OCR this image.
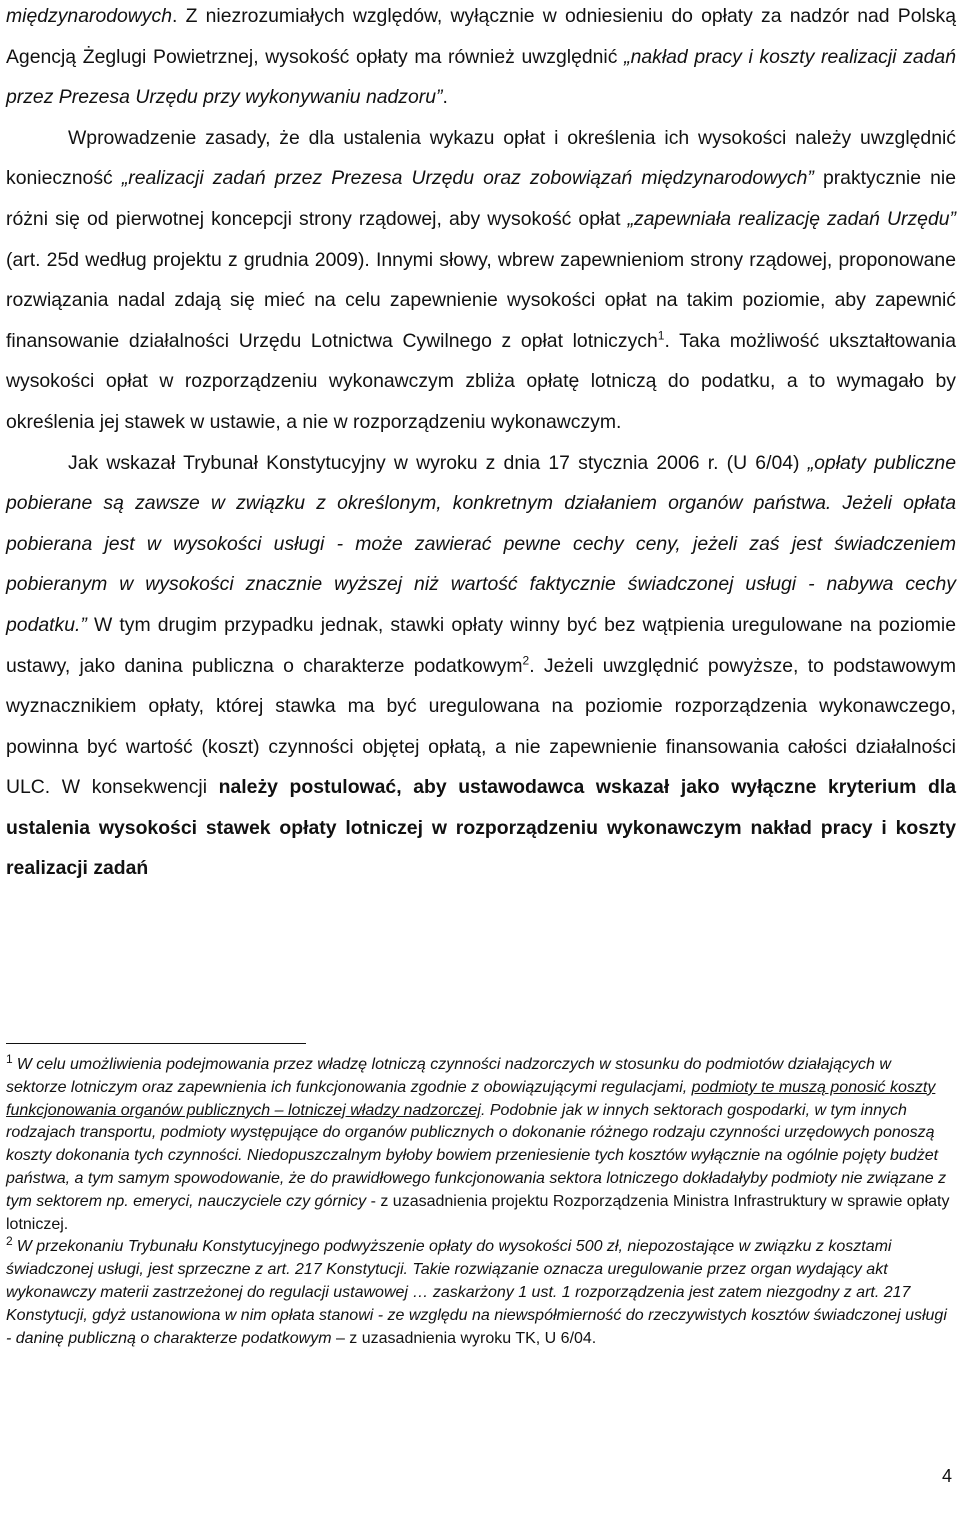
międzynarodowych. Z niezrozumiałych względów, wyłącznie w odniesieniu do opłaty za nadzór nad Polską Agencją Żeglugi Powietrznej, wysokość opłaty ma również uwzględnić „nakład pracy i koszty realizacji zadań przez Prezesa Urzędu przy wykonywaniu nadzoru”.

Wprowadzenie zasady, że dla ustalenia wykazu opłat i określenia ich wysokości należy uwzględnić konieczność „realizacji zadań przez Prezesa Urzędu oraz zobowiązań międzynarodowych” praktycznie nie różni się od pierwotnej koncepcji strony rządowej, aby wysokość opłat „zapewniała realizację zadań Urzędu” (art. 25d według projektu z grudnia 2009). Innymi słowy, wbrew zapewnieniom strony rządowej, proponowane rozwiązania nadal zdają się mieć na celu zapewnienie wysokości opłat na takim poziomie, aby zapewnić finansowanie działalności Urzędu Lotnictwa Cywilnego z opłat lotniczych$^1$. Taka możliwość ukształtowania wysokości opłat w rozporządzeniu wykonawczym zbliża opłatę lotniczą do podatku, a to wymagało by określenia jej stawek w ustawie, a nie w rozporządzeniu wykonawczym.

Jak wskazał Trybunał Konstytucyjny w wyroku z dnia 17 stycznia 2006 r. (U 6/04) „opłaty publiczne pobierane są zawsze w związku z określonym, konkretnym działaniem organów państwa. Jeżeli opłata pobierana jest w wysokości usługi - może zawierać pewne cechy ceny, jeżeli zaś jest świadczeniem pobieranym w wysokości znacznie wyższej niż wartość faktycznie świadczonej usługi - nabywa cechy podatku.” W tym drugim przypadku jednak, stawki opłaty winny być bez wątpienia uregulowane na poziomie ustawy, jako danina publiczna o charakterze podatkowym$^2$. Jeżeli uwzględnić powyższe, to podstawowym wyznacznikiem opłaty, której stawka ma być uregulowana na poziomie rozporządzenia wykonawczego, powinna być wartość (koszt) czynności objętej opłatą, a nie zapewnienie finansowania całości działalności ULC. W konsekwencji należy postulować, aby ustawodawca wskazał jako wyłączne kryterium dla ustalenia wysokości stawek opłaty lotniczej w rozporządzeniu wykonawczym nakład pracy i koszty realizacji zadań

$^1$ W celu umożliwienia podejmowania przez władzę lotniczą czynności nadzorczych w stosunku do podmiotów działających w sektorze lotniczym oraz zapewnienia ich funkcjonowania zgodnie z obowiązującymi regulacjami, podmioty te muszą ponosić koszty funkcjonowania organów publicznych – lotniczej władzy nadzorczej. Podobnie jak w innych sektorach gospodarki, w tym innych rodzajach transportu, podmioty występujące do organów publicznych o dokonanie różnego rodzaju czynności urzędowych ponoszą koszty dokonania tych czynności. Niedopuszczalnym byłoby bowiem przeniesienie tych kosztów wyłącznie na ogólnie pojęty budżet państwa, a tym samym spowodowanie, że do prawidłowego funkcjonowania sektora lotniczego dokładałyby podmioty nie związane z tym sektorem np. emeryci, nauczyciele czy górnicy - z uzasadnienia projektu Rozporządzenia Ministra Infrastruktury w sprawie opłaty lotniczej.

$^2$ W przekonaniu Trybunału Konstytucyjnego podwyższenie opłaty do wysokości 500 zł, niepozostające w związku z kosztami świadczonej usługi, jest sprzeczne z art. 217 Konstytucji. Takie rozwiązanie oznacza uregulowanie przez organ wydający akt wykonawczy materii zastrzeżonej do regulacji ustawowej … zaskarżony 1 ust. 1 rozporządzenia jest zatem niezgodny z art. 217 Konstytucji, gdyż ustanowiona w nim opłata stanowi - ze względu na niewspółmierność do rzeczywistych kosztów świadczonej usługi - daninę publiczną o charakterze podatkowym – z uzasadnienia wyroku TK, U 6/04.

4
